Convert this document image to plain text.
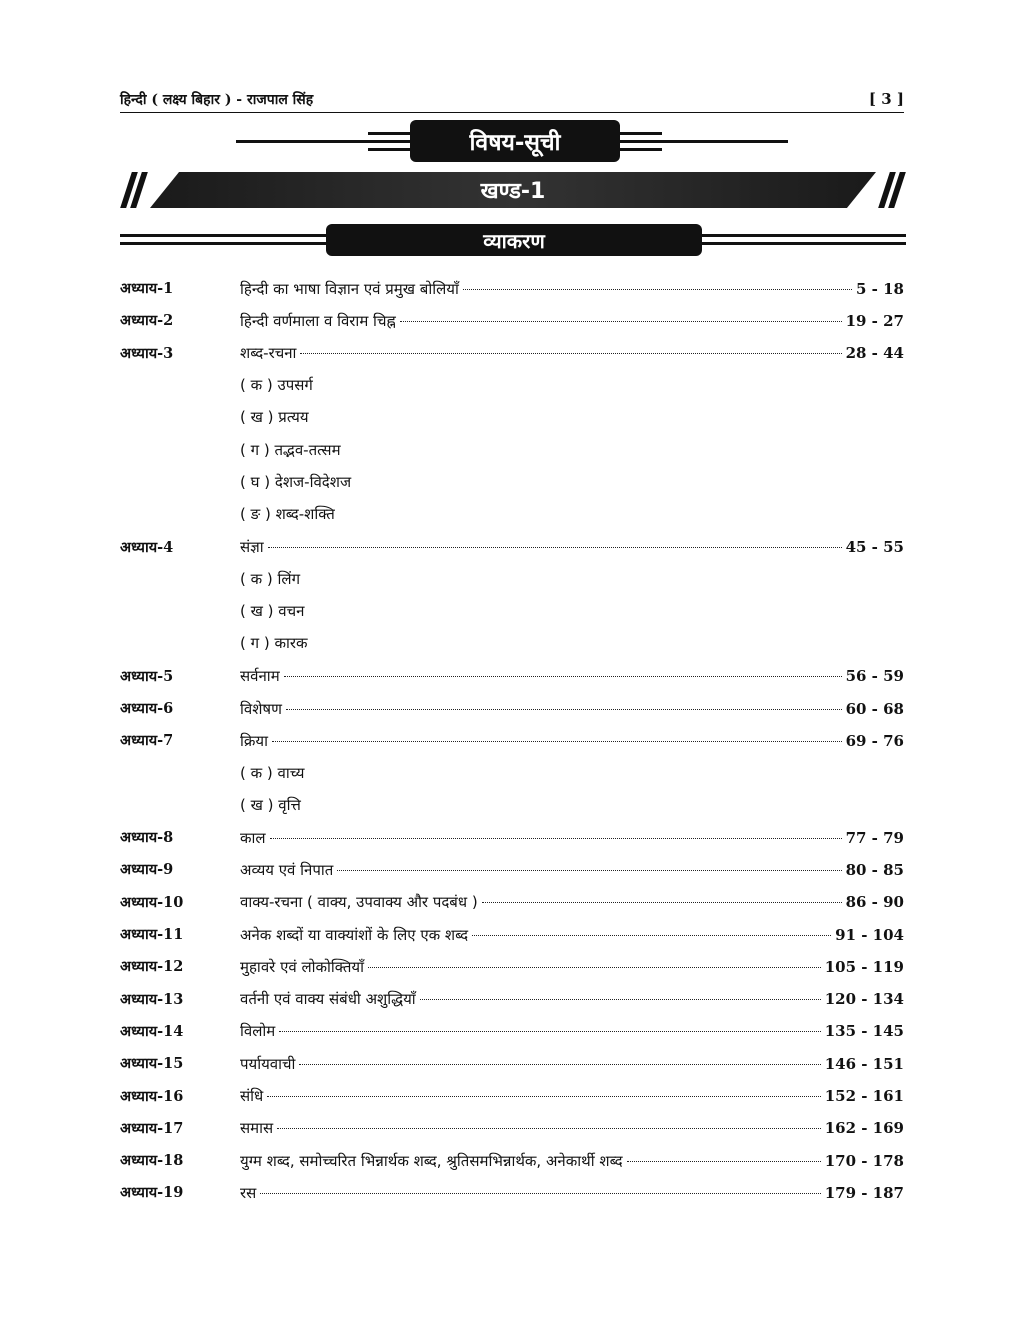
हिन्दी ( लक्ष्य बिहार ) - राजपाल सिंह	[ 3 ]
विषय-सूची
खण्ड-1
व्याकरण
अध्याय-1	हिन्दी का भाषा विज्ञान एवं प्रमुख बोलियाँ	5 - 18
अध्याय-2	हिन्दी वर्णमाला व विराम चिह्न	19 - 27
अध्याय-3	शब्द-रचना	28 - 44
( क ) उपसर्ग
( ख ) प्रत्यय
( ग ) तद्भव-तत्सम
( घ ) देशज-विदेशज
( ङ ) शब्द-शक्ति
अध्याय-4	संज्ञा	45 - 55
( क ) लिंग
( ख ) वचन
( ग ) कारक
अध्याय-5	सर्वनाम	56 - 59
अध्याय-6	विशेषण	60 - 68
अध्याय-7	क्रिया	69 - 76
( क ) वाच्य
( ख ) वृत्ति
अध्याय-8	काल	77 - 79
अध्याय-9	अव्यय एवं निपात	80 - 85
अध्याय-10	वाक्य-रचना ( वाक्य, उपवाक्य और पदबंध )	86 - 90
अध्याय-11	अनेक शब्दों या वाक्यांशों के लिए एक शब्द	91 - 104
अध्याय-12	मुहावरे एवं लोकोक्तियाँ	105 - 119
अध्याय-13	वर्तनी एवं वाक्य संबंधी अशुद्धियाँ	120 - 134
अध्याय-14	विलोम	135 - 145
अध्याय-15	पर्यायवाची	146 - 151
अध्याय-16	संधि	152 - 161
अध्याय-17	समास	162 - 169
अध्याय-18	युग्म शब्द, समोच्चरित भिन्नार्थक शब्द, श्रुतिसमभिन्नार्थक, अनेकार्थी शब्द	170 - 178
अध्याय-19	रस	179 - 187
